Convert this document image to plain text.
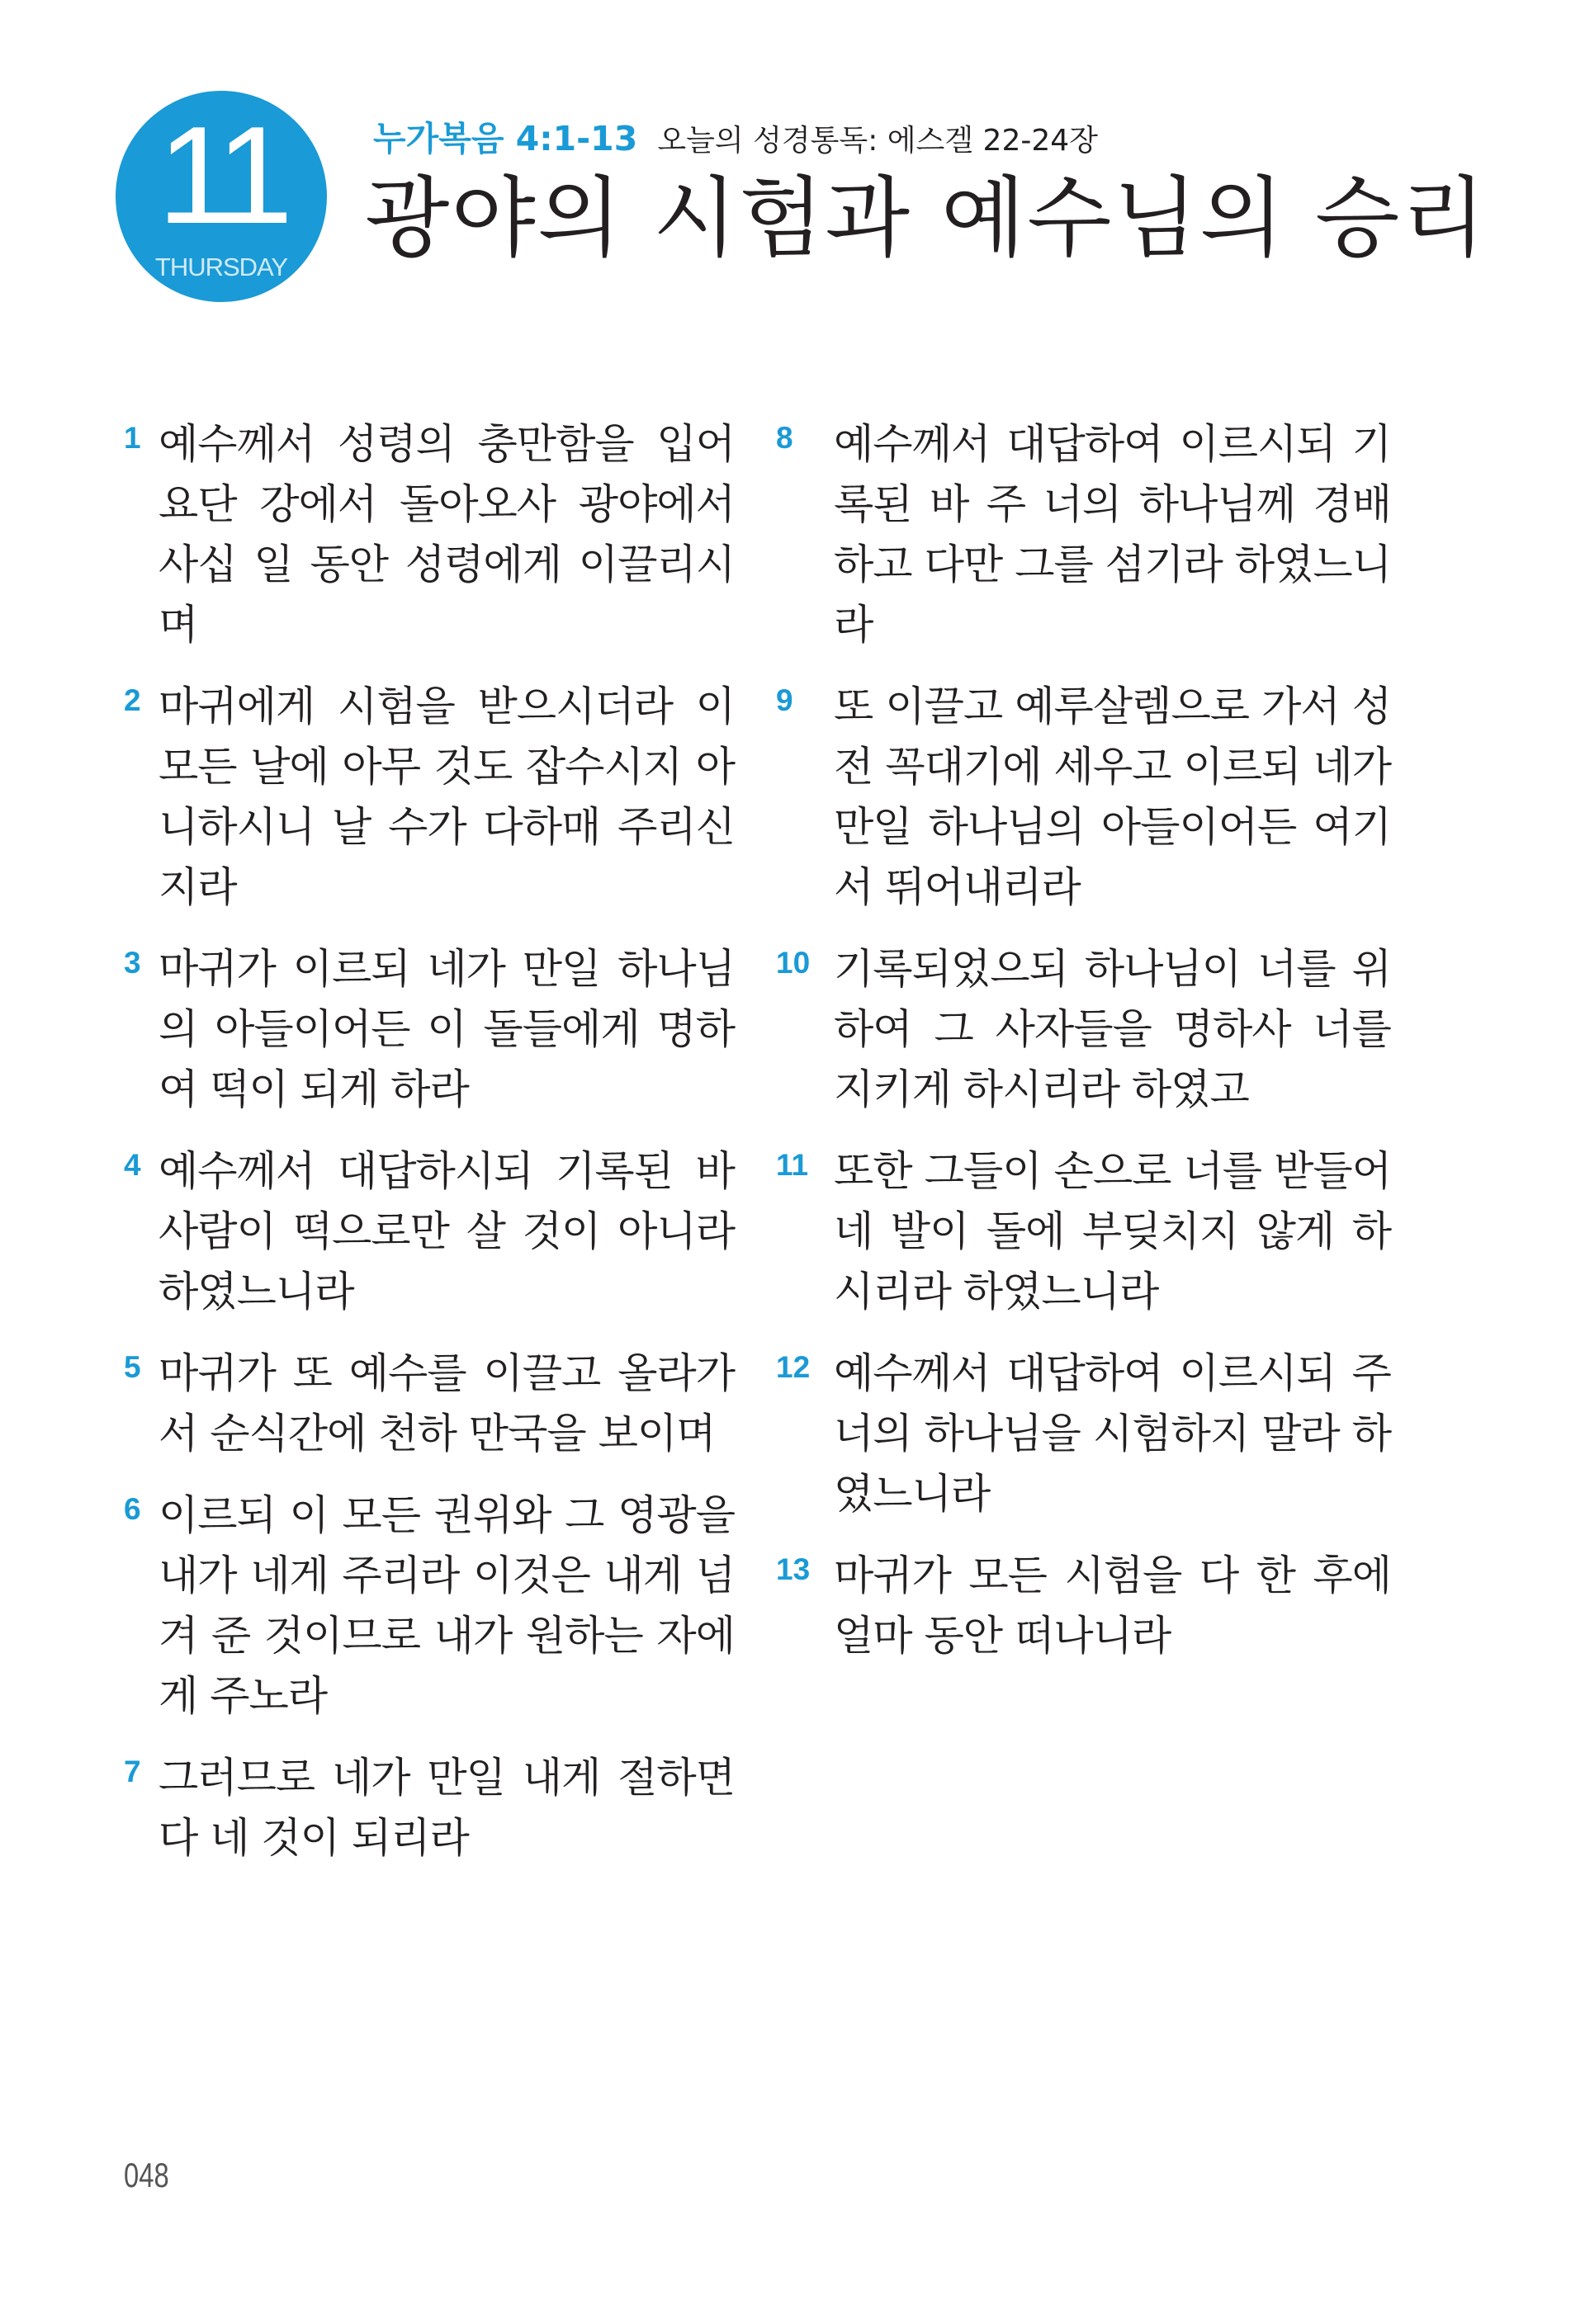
11
THURSDAY
누가복음 4:1-13 오늘의 성경통독: 에스겔 22-24장
광야의 시험과 예수님의 승리
1 예수께서 성령의 충만함을 입어 요단 강에서 돌아오사 광야에서 사십 일 동안 성령에게 이끌리시며
2 마귀에게 시험을 받으시더라 이 모든 날에 아무 것도 잡수시지 아니하시니 날 수가 다하매 주리신지라
3 마귀가 이르되 네가 만일 하나님의 아들이어든 이 돌들에게 명하여 떡이 되게 하라
4 예수께서 대답하시되 기록된 바 사람이 떡으로만 살 것이 아니라 하였느니라
5 마귀가 또 예수를 이끌고 올라가서 순식간에 천하 만국을 보이며
6 이르되 이 모든 권위와 그 영광을 내가 네게 주리라 이것은 내게 넘겨 준 것이므로 내가 원하는 자에게 주노라
7 그러므로 네가 만일 내게 절하면 다 네 것이 되리라
8 예수께서 대답하여 이르시되 기록된 바 주 너의 하나님께 경배하고 다만 그를 섬기라 하였느니라
9 또 이끌고 예루살렘으로 가서 성전 꼭대기에 세우고 이르되 네가 만일 하나님의 아들이어든 여기서 뛰어내리라
10 기록되었으되 하나님이 너를 위하여 그 사자들을 명하사 너를 지키게 하시리라 하였고
11 또한 그들이 손으로 너를 받들어 네 발이 돌에 부딪치지 않게 하시리라 하였느니라
12 예수께서 대답하여 이르시되 주 너의 하나님을 시험하지 말라 하였느니라
13 마귀가 모든 시험을 다 한 후에 얼마 동안 떠나니라
048
